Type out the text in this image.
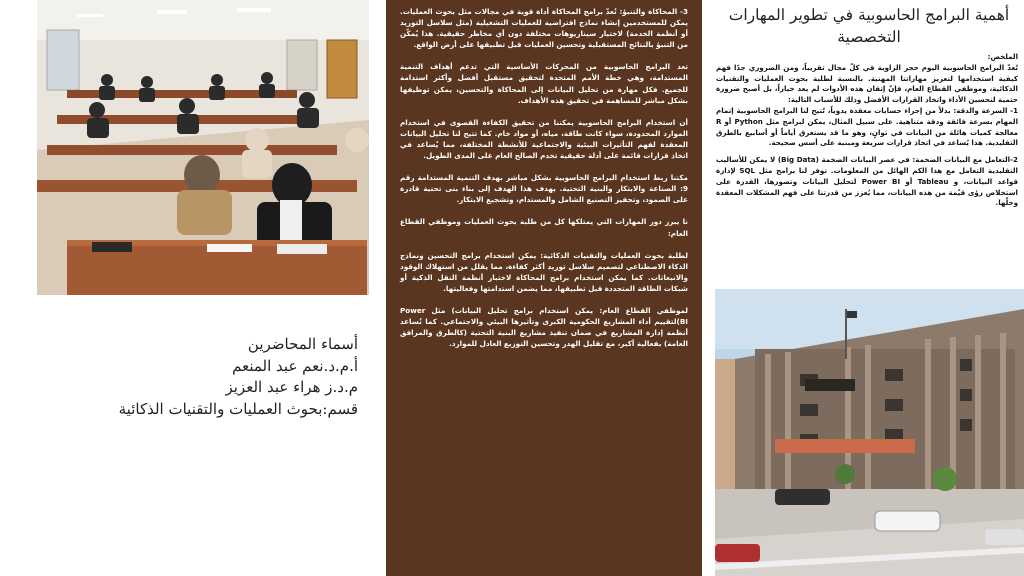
أسماء المحاضرين
أ.م.د.نعم عبد المنعم
م.د.ز هراء عبد العزيز
قسم:بحوث العمليات والتقنيات الذكائية

3- المحاكاة والتنبؤ: تُعدّ برامج المحاكاة أداة قوية في مجالات مثل بحوث العمليات. يمكن للمستخدمين إنشاء نماذج افتراضية للعمليات التشغيلية (مثل سلاسل التوريد أو أنظمة الخدمة) لاختبار سيناريوهات مختلفة دون أي مخاطر حقيقية. هذا يُمكّن من التنبؤ بالنتائج المستقبلية وتحسين العمليات قبل تطبيقها على أرض الواقع.

تعد البرامج الحاسوبية من المحركات الأساسية التي تدعم أهداف التنمية المستدامة، وهي خطة الأمم المتحدة لتحقيق مستقبل أفضل وأكثر استدامة للجميع. فكل مهارة من تحليل البيانات إلى المحاكاة والتحسين، يمكن توظيفها بشكل مباشر للمساهمة في تحقيق هذه الأهداف.

أن استخدام البرامج الحاسوبية يمكننا من تحقيق الكفاءة القصوى في استخدام الموارد المحدودة، سواء كانت طاقة، مياه، أو مواد خام. كما تتيح لنا تحليل البيانات المعقدة لفهم التأثيرات البيئية والاجتماعية للأنشطة المختلفة، مما يُساعد في اتخاذ قرارات قائمة على أدلة حقيقية تخدم الصالح العام على المدى الطويل.

مكننا ربط استخدام البرامج الحاسوبية بشكل مباشر بهدف التنمية المستدامة رقم 9: الصناعة والابتكار والبنية التحتية. يهدف هذا الهدف إلى بناء بنى تحتية قادرة على الصمود، وتحفيز التصنيع الشامل والمستدام، وتشجيع الابتكار.

نا يبرز دور المهارات التي يمتلكها كل من طلبة بحوث العمليات وموظفي القطاع العام:

لطلبة بحوث العمليات والتقنيات الذكائية: يمكن استخدام برامج التحسين ونماذج الذكاء الاصطناعي لتصميم سلاسل توريد أكثر كفاءة، مما يقلل من استهلاك الوقود والانبعاثات. كما يمكن استخدام برامج المحاكاة لاختبار أنظمة النقل الذكية أو شبكات الطاقة المتجددة قبل تطبيقها، مما يضمن استدامتها وفعاليتها.

لموظفي القطاع العام: يمكن استخدام برامج تحليل البيانات) مثل Power (BIلتقييم أداء المشاريع الحكومية الكبرى وتأثيرها البيئي والاجتماعي. كما تُساعد أنظمة إدارة المشاريع في ضمان تنفيذ مشاريع البنية التحتية (كالطرق والمرافق العامة) بفعالية أكبر، مع تقليل الهدر وتحسين التوزيع العادل للموارد.

أهمية البرامج الحاسوبية في تطوير المهارات التخصصية
الملخص:

تُعدّ البرامج الحاسوبية اليوم حجر الزاوية في كلّ مجال تقريباً، ومن الضروري جدًا فهم كيفية استخدامها لتعزيز مهاراتنا المهنية. بالنسبة لطلبة بحوث العمليات والتقنيات الذكائية، وموظفي القطاع العام، فإنّ إتقان هذه الأدوات لم يعد خياراً، بل أصبح ضرورة حتمية لتحسين الأداء واتخاذ القرارات الأفضل وذلك للأسباب التالية:

1- السرعة والدقة: بدلاً من إجراء حسابات معقدة يدوياً، تُتيح لنا البرامج الحاسوبية إتمام المهام بسرعة فائقة ودقة متناهية. على سبيل المثال، يمكن لبرامج مثل Python أو R معالجة كميات هائلة من البيانات في ثوانٍ، وهو ما قد يستغرق أياماً أو أسابيع بالطرق التقليدية. هذا يُساعد في اتخاذ قرارات سريعة ومبنية على أسس صحيحة.

2-التعامل مع البيانات الضخمة: في عصر البيانات الضخمة (Big Data) لا يمكن للأساليب التقليدية التعامل مع هذا الكم الهائل من المعلومات. توفر لنا برامج مثل SQL لإدارة قواعد البيانات، و Tableau أو Power BI لتحليل البيانات وتصورها، القدرة على استخلاص رؤى قيّمة من هذه البيانات، مما يُعزز من قدرتنا على فهم المشكلات المعقدة وحلّها.
